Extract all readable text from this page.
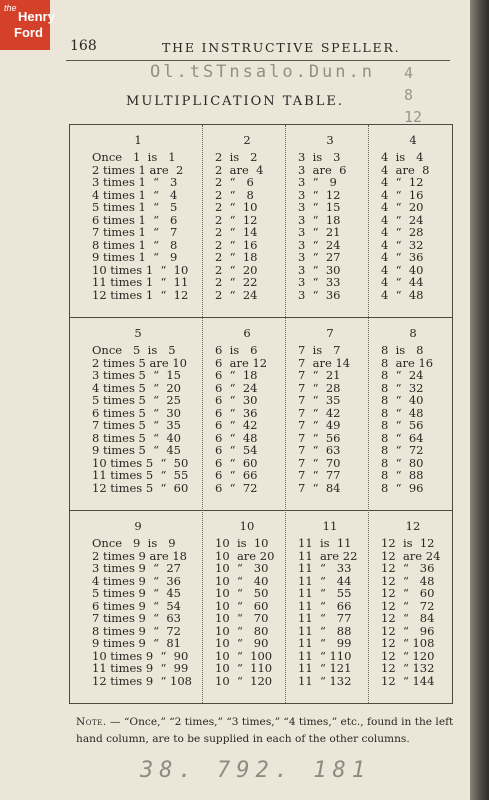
the
Henry
Ford
168	THE INSTRUCTIVE SPELLER.
Ol.tSTnsalo.Dun.n 4
8
12
MULTIPLICATION TABLE.
1
Once   1  is   1
2 times 1 are  2
3 times 1  “   3
4 times 1  “   4
5 times 1  “   5
6 times 1  “   6
7 times 1  “   7
8 times 1  “   8
9 times 1  “   9
10 times 1  “  10
11 times 1  “  11
12 times 1  “  12
2
2  is   2
2  are  4
2  “   6
2  “   8
2  “  10
2  “  12
2  “  14
2  “  16
2  “  18
2  “  20
2  “  22
2  “  24
3
3  is   3
3  are  6
3  “   9
3  “  12
3  “  15
3  “  18
3  “  21
3  “  24
3  “  27
3  “  30
3  “  33
3  “  36
4
4  is   4
4  are  8
4  “  12
4  “  16
4  “  20
4  “  24
4  “  28
4  “  32
4  “  36
4  “  40
4  “  44
4  “  48
5
Once   5  is   5
2 times 5 are 10
3 times 5  “  15
4 times 5  “  20
5 times 5  “  25
6 times 5  “  30
7 times 5  “  35
8 times 5  “  40
9 times 5  “  45
10 times 5  “  50
11 times 5  “  55
12 times 5  “  60
6
6  is   6
6  are 12
6  “  18
6  “  24
6  “  30
6  “  36
6  “  42
6  “  48
6  “  54
6  “  60
6  “  66
6  “  72
7
7  is   7
7  are 14
7  “  21
7  “  28
7  “  35
7  “  42
7  “  49
7  “  56
7  “  63
7  “  70
7  “  77
7  “  84
8
8  is   8
8  are 16
8  “  24
8  “  32
8  “  40
8  “  48
8  “  56
8  “  64
8  “  72
8  “  80
8  “  88
8  “  96
9
Once   9  is   9
2 times 9 are 18
3 times 9  “  27
4 times 9  “  36
5 times 9  “  45
6 times 9  “  54
7 times 9  “  63
8 times 9  “  72
9 times 9  “  81
10 times 9  “  90
11 times 9  “  99
12 times 9  “ 108
10
10  is  10
10  are 20
10  “   30
10  “   40
10  “   50
10  “   60
10  “   70
10  “   80
10  “   90
10  “  100
10  “  110
10  “  120
11
11  is  11
11  are 22
11  “   33
11  “   44
11  “   55
11  “   66
11  “   77
11  “   88
11  “   99
11  “ 110
11  “ 121
11  “ 132
12
12  is  12
12  are 24
12  “   36
12  “   48
12  “   60
12  “   72
12  “   84
12  “   96
12  “ 108
12  “ 120
12  “ 132
12  “ 144
Note. — “Once,” “2 times,” “3 times,” “4 times,” etc., found in the left hand column, are to be supplied in each of the other columns.
38. 792. 181
